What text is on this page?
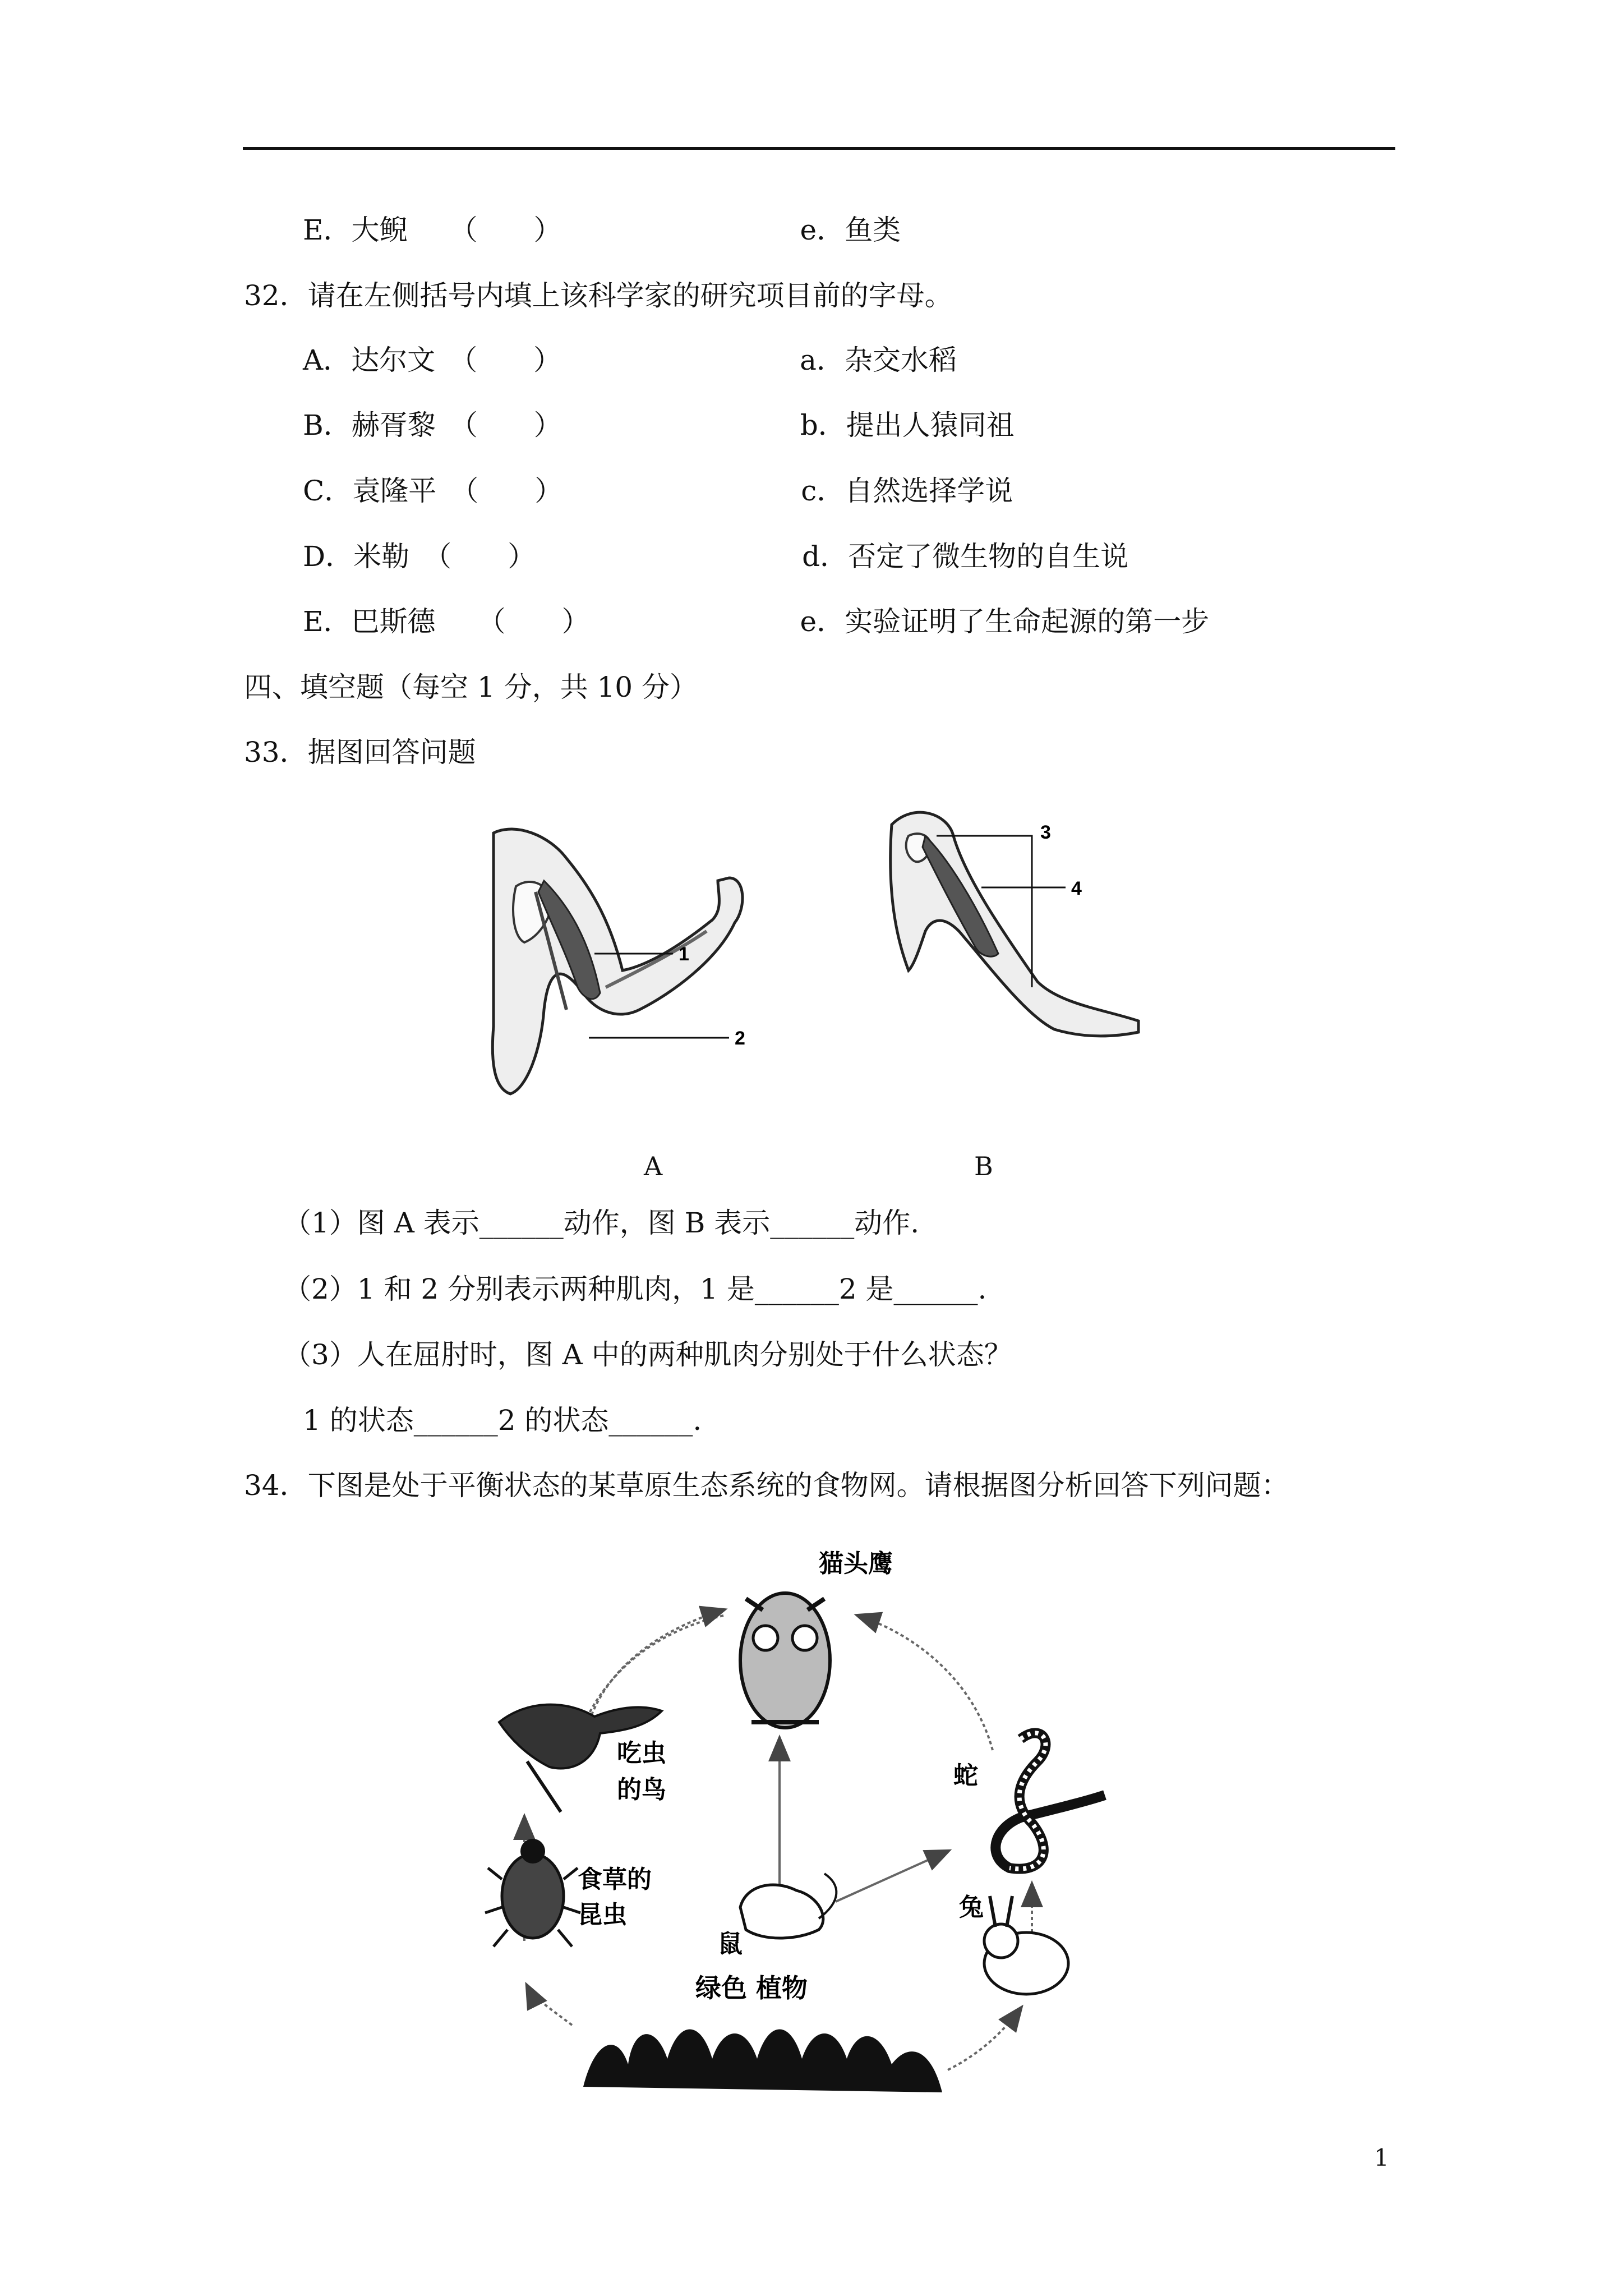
E．大鲵　　（　　）　　　　　　　　　e．鱼类
32．请在左侧括号内填上该科学家的研究项目前的字母。
A．达尔文　（　　）　　　　　　　　　a．杂交水稻
B．赫胥黎　（　　）　　　　　　　　　b．提出人猿同祖
C．袁隆平　（　　）　　　　　　　　　c．自然选择学说
D．米勒　（　　）　　　　　　　　　　d．否定了微生物的自生说
E．巴斯德　　（　　）　　　　　　　　e．实验证明了生命起源的第一步
四、填空题（每空 1 分，共 10 分）
33．据图回答问题
1
2
3
4
A	B
（1）图 A 表示______动作，图 B 表示______动作.
（2）1 和 2 分别表示两种肌肉，1 是______2 是______.
（3）人在屈肘时，图 A 中的两种肌肉分别处于什么状态？
1 的状态______2 的状态______.
34．下图是处于平衡状态的某草原生态系统的食物网。请根据图分析回答下列问题：
猫头鹰
吃虫
的鸟	蛇
食草的
昆虫
鼠
兔
绿色 植物
1
